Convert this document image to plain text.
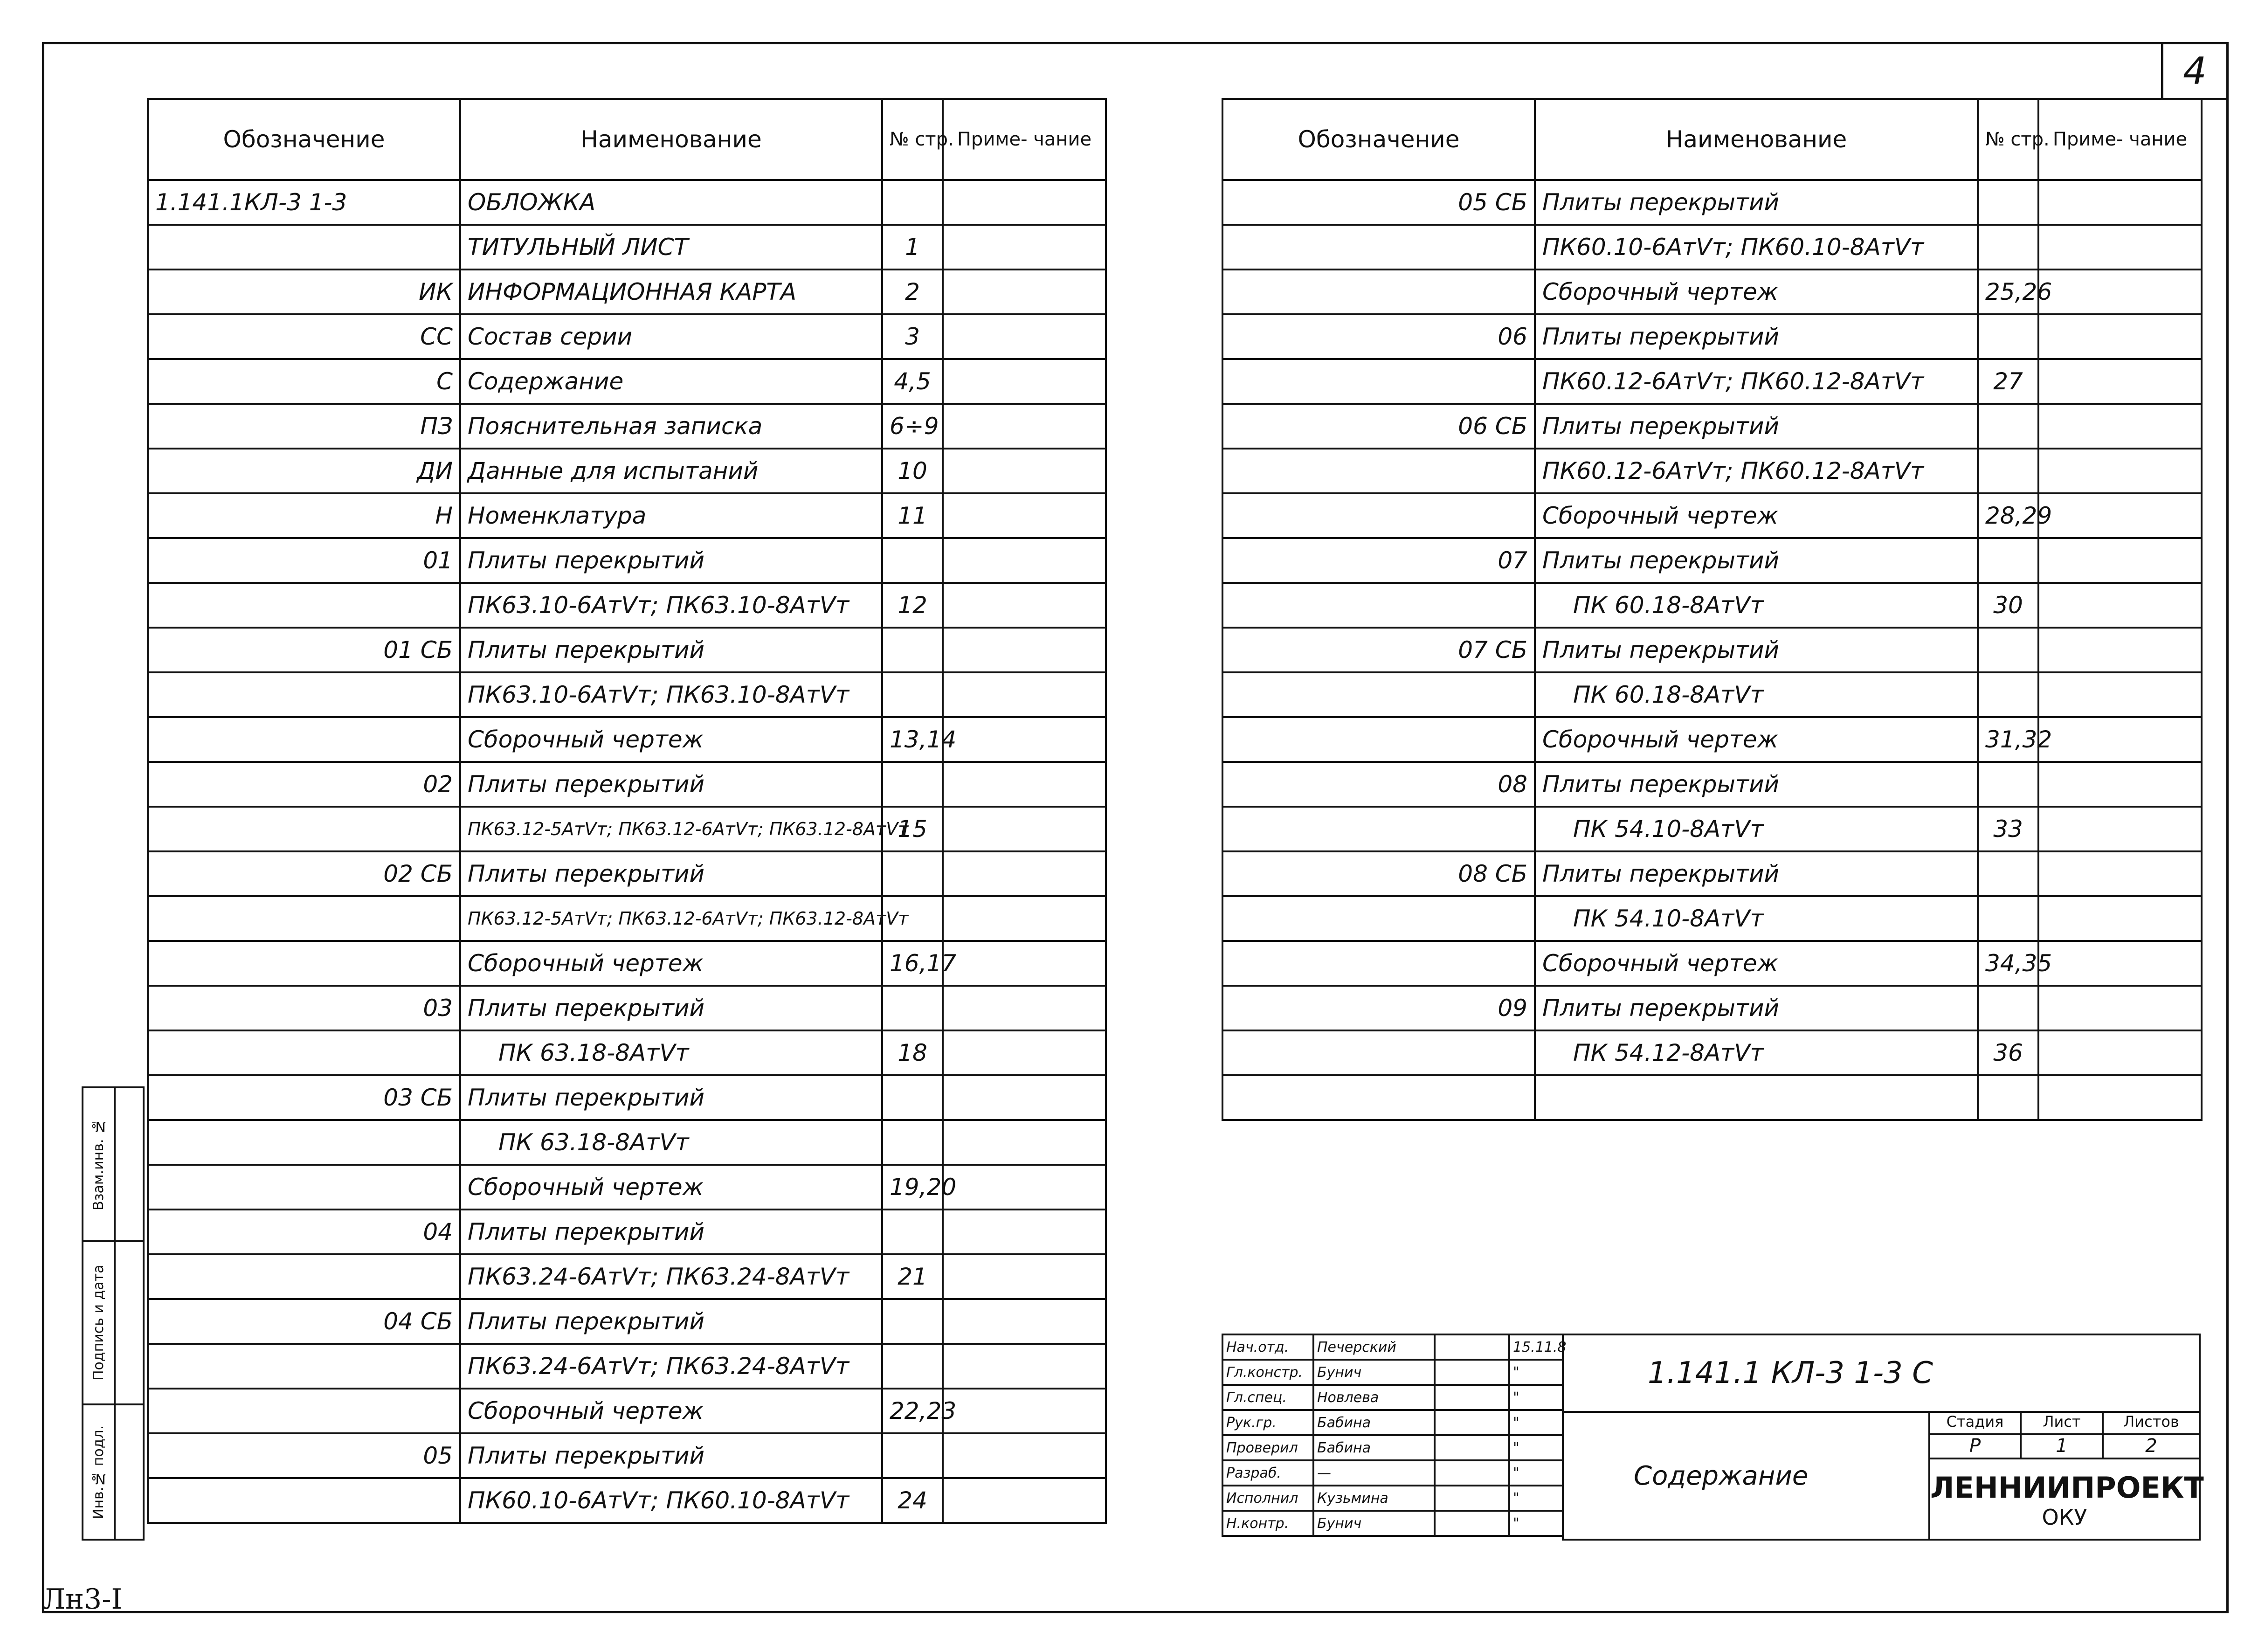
4
Обозначение	Наименование	№ стр.	Приме- чание
1.141.1КЛ-3 1-3	ОБЛОЖКА		
	ТИТУЛЬНЫЙ ЛИСТ	1	
ИК	ИНФОРМАЦИОННАЯ КАРТА	2	
СС	Состав серии	3	
С	Содержание	4,5	
ПЗ	Пояснительная записка	6÷9	
ДИ	Данные для испытаний	10	
Н	Номенклатура	11	
01	Плиты перекрытий		
	ПК63.10-6АтVт; ПК63.10-8АтVт	12	
01 СБ	Плиты перекрытий		
	ПК63.10-6АтVт; ПК63.10-8АтVт		
	Сборочный чертеж	13,14	
02	Плиты перекрытий		
	ПК63.12-5АтVт; ПК63.12-6АтVт; ПК63.12-8АтVт	15	
02 СБ	Плиты перекрытий		
	ПК63.12-5АтVт; ПК63.12-6АтVт; ПК63.12-8АтVт		
	Сборочный чертеж	16,17	
03	Плиты перекрытий		
	ПК 63.18-8АтVт	18	
03 СБ	Плиты перекрытий		
	ПК 63.18-8АтVт		
	Сборочный чертеж	19,20	
04	Плиты перекрытий		
	ПК63.24-6АтVт; ПК63.24-8АтVт	21	
04 СБ	Плиты перекрытий		
	ПК63.24-6АтVт; ПК63.24-8АтVт		
	Сборочный чертеж	22,23	
05	Плиты перекрытий		
	ПК60.10-6АтVт; ПК60.10-8АтVт	24	
Обозначение	Наименование	№ стр.	Приме- чание
05 СБ	Плиты перекрытий		
	ПК60.10-6АтVт; ПК60.10-8АтVт		
	Сборочный чертеж	25,26	
06	Плиты перекрытий		
	ПК60.12-6АтVт; ПК60.12-8АтVт	27	
06 СБ	Плиты перекрытий		
	ПК60.12-6АтVт; ПК60.12-8АтVт		
	Сборочный чертеж	28,29	
07	Плиты перекрытий		
	ПК 60.18-8АтVт	30	
07 СБ	Плиты перекрытий		
	ПК 60.18-8АтVт		
	Сборочный чертеж	31,32	
08	Плиты перекрытий		
	ПК 54.10-8АтVт	33	
08 СБ	Плиты перекрытий		
	ПК 54.10-8АтVт		
	Сборочный чертеж	34,35	
09	Плиты перекрытий		
	ПК 54.12-8АтVт	36	

Нач.отд.	Печерский		15.11.8
Гл.констр.	Бунич		"
Гл.спец.	Новлева		"
Рук.гр.	Бабина		"
Проверил	Бабина		"
Разраб.	—		"
Исполнил	Кузьмина		"
Н.контр.	Бунич		"
1.141.1 КЛ-3 1-3 С
Содержание
Стадия	Лист	Листов
Р	1	2
ЛЕННИИПРОЕКТ
ОКУ
Взам.инв. №	
Подпись и дата	
Инв.№ подл.	
Лн3-I
